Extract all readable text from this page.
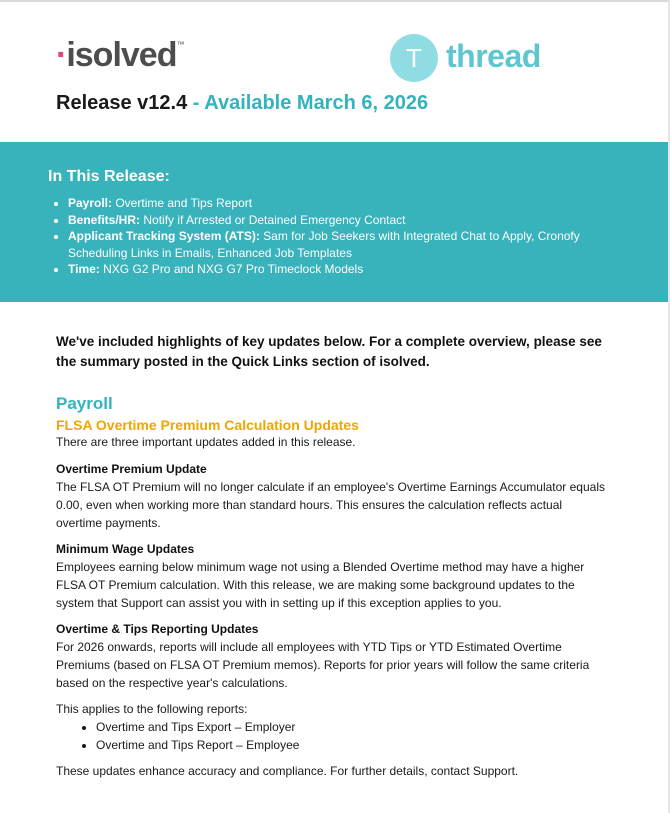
·isolved™	T thread
Release v12.4 - Available March 6, 2026
In This Release:
• Payroll: Overtime and Tips Report
• Benefits/HR: Notify if Arrested or Detained Emergency Contact
• Applicant Tracking System (ATS): Sam for Job Seekers with Integrated Chat to Apply, Cronofy Scheduling Links in Emails, Enhanced Job Templates
• Time: NXG G2 Pro and NXG G7 Pro Timeclock Models
We've included highlights of key updates below. For a complete overview, please see the summary posted in the Quick Links section of isolved.
Payroll
FLSA Overtime Premium Calculation Updates
There are three important updates added in this release.
Overtime Premium Update
The FLSA OT Premium will no longer calculate if an employee's Overtime Earnings Accumulator equals 0.00, even when working more than standard hours. This ensures the calculation reflects actual overtime payments.
Minimum Wage Updates
Employees earning below minimum wage not using a Blended Overtime method may have a higher FLSA OT Premium calculation. With this release, we are making some background updates to the system that Support can assist you with in setting up if this exception applies to you.
Overtime & Tips Reporting Updates
For 2026 onwards, reports will include all employees with YTD Tips or YTD Estimated Overtime Premiums (based on FLSA OT Premium memos). Reports for prior years will follow the same criteria based on the respective year's calculations.
This applies to the following reports:
• Overtime and Tips Export – Employer
• Overtime and Tips Report – Employee
These updates enhance accuracy and compliance. For further details, contact Support.
